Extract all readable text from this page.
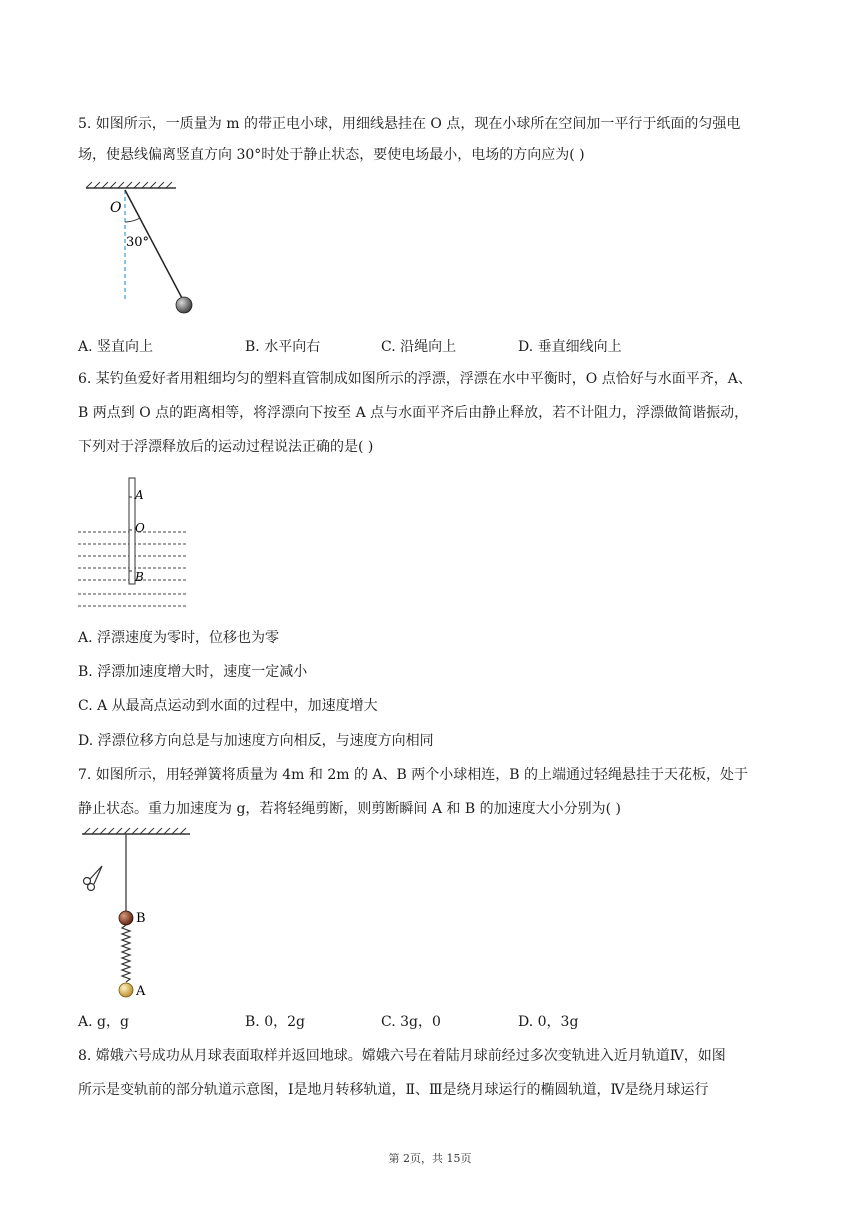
5. 如图所示，一质量为 m 的带正电小球，用细线悬挂在 O 点，现在小球所在空间加一平行于纸面的匀强电
场，使悬线偏离竖直方向 30°时处于静止状态，要使电场最小，电场的方向应为( )
O
30°
A. 竖直向上	B. 水平向右	C. 沿绳向上	D. 垂直细线向上
6. 某钓鱼爱好者用粗细均匀的塑料直管制成如图所示的浮漂，浮漂在水中平衡时，O 点恰好与水面平齐，A、
B 两点到 O 点的距离相等，将浮漂向下按至 A 点与水面平齐后由静止释放，若不计阻力，浮漂做简谐振动，
下列对于浮漂释放后的运动过程说法正确的是( )
A
O
B
A. 浮漂速度为零时，位移也为零
B. 浮漂加速度增大时，速度一定减小
C. A 从最高点运动到水面的过程中，加速度增大
D. 浮漂位移方向总是与加速度方向相反，与速度方向相同
7. 如图所示，用轻弹簧将质量为 4m 和 2m 的 A、B 两个小球相连，B 的上端通过轻绳悬挂于天花板，处于
静止状态。重力加速度为 g，若将轻绳剪断，则剪断瞬间 A 和 B 的加速度大小分别为( )
B
A
A. g，g	B. 0，2g	C. 3g，0	D. 0，3g
8. 嫦娥六号成功从月球表面取样并返回地球。嫦娥六号在着陆月球前经过多次变轨进入近月轨道Ⅳ，如图
所示是变轨前的部分轨道示意图，Ⅰ是地月转移轨道，Ⅱ、Ⅲ是绕月球运行的椭圆轨道，Ⅳ是绕月球运行
第 2页，共 15页
